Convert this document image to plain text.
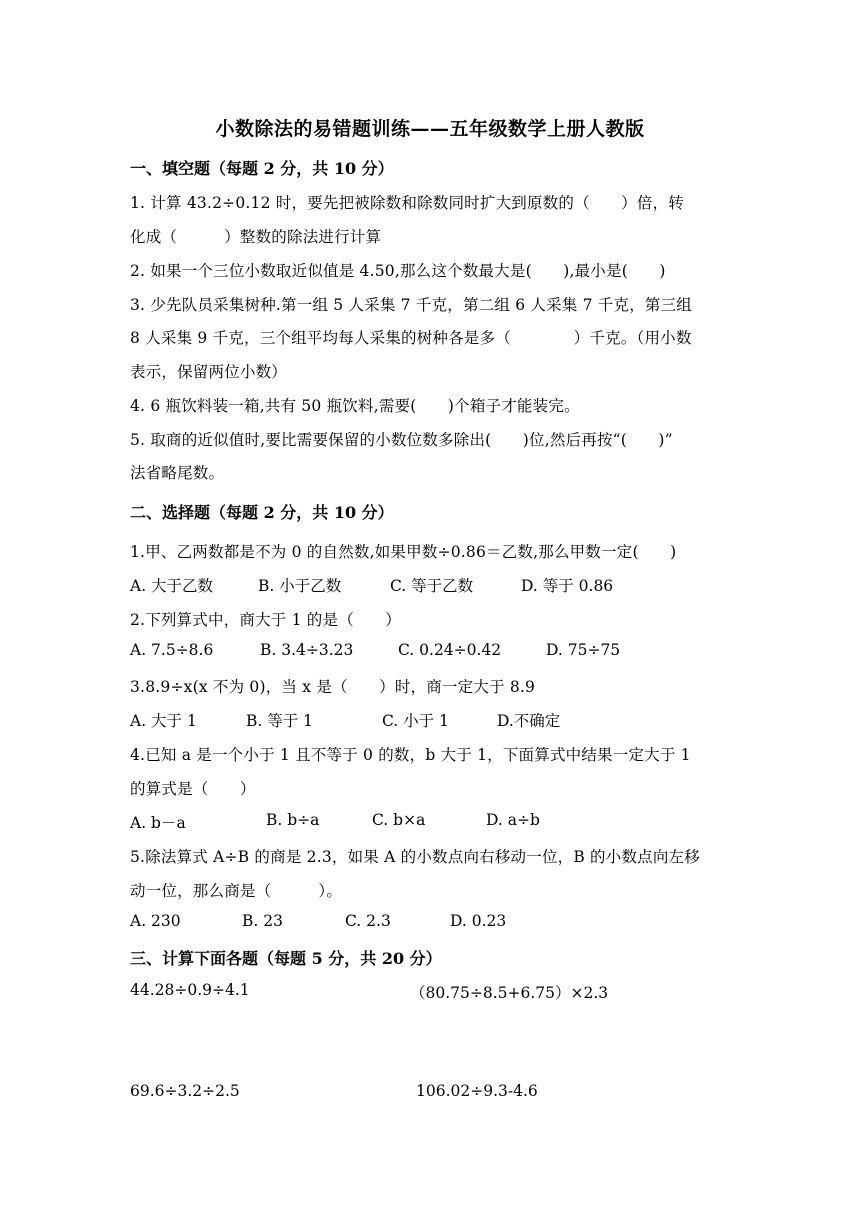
小数除法的易错题训练——五年级数学上册人教版
一、填空题（每题 2 分，共 10 分）
1. 计算 43.2÷0.12 时，要先把被除数和除数同时扩大到原数的（　　）倍，转
化成（　　　）整数的除法进行计算
2. 如果一个三位小数取近似值是 4.50,那么这个数最大是(　　),最小是(　　)
3. 少先队员采集树种.第一组 5 人采集 7 千克，第二组 6 人采集 7 千克，第三组
8 人采集 9 千克，三个组平均每人采集的树种各是多（　　　　）千克。（用小数
表示，保留两位小数）
4. 6 瓶饮料装一箱,共有 50 瓶饮料,需要(　　)个箱子才能装完。
5. 取商的近似值时,要比需要保留的小数位数多除出(　　)位,然后再按“(　　)”
法省略尾数。
二、选择题（每题 2 分，共 10 分）
1.甲、乙两数都是不为 0 的自然数,如果甲数÷0.86＝乙数,那么甲数一定(　　)
A. 大于乙数	B. 小于乙数	C. 等于乙数	D. 等于 0.86
2.下列算式中，商大于 1 的是（　　）
A. 7.5÷8.6	B. 3.4÷3.23	C. 0.24÷0.42	D. 75÷75
3.8.9÷x(x 不为 0)，当 x 是（　　）时，商一定大于 8.9
A. 大于 1	B. 等于 1	C. 小于 1	D.不确定
4.已知 a 是一个小于 1 且不等于 0 的数，b 大于 1，下面算式中结果一定大于 1
的算式是（　　）
A. b－a	B. b÷a	C. b×a	D. a÷b
5.除法算式 A÷B 的商是 2.3，如果 A 的小数点向右移动一位，B 的小数点向左移
动一位，那么商是（　　　）。
A. 230	B. 23	C. 2.3	D. 0.23
三、计算下面各题（每题 5 分，共 20 分）
44.28÷0.9÷4.1	（80.75÷8.5+6.75）×2.3
69.6÷3.2÷2.5	106.02÷9.3-4.6
